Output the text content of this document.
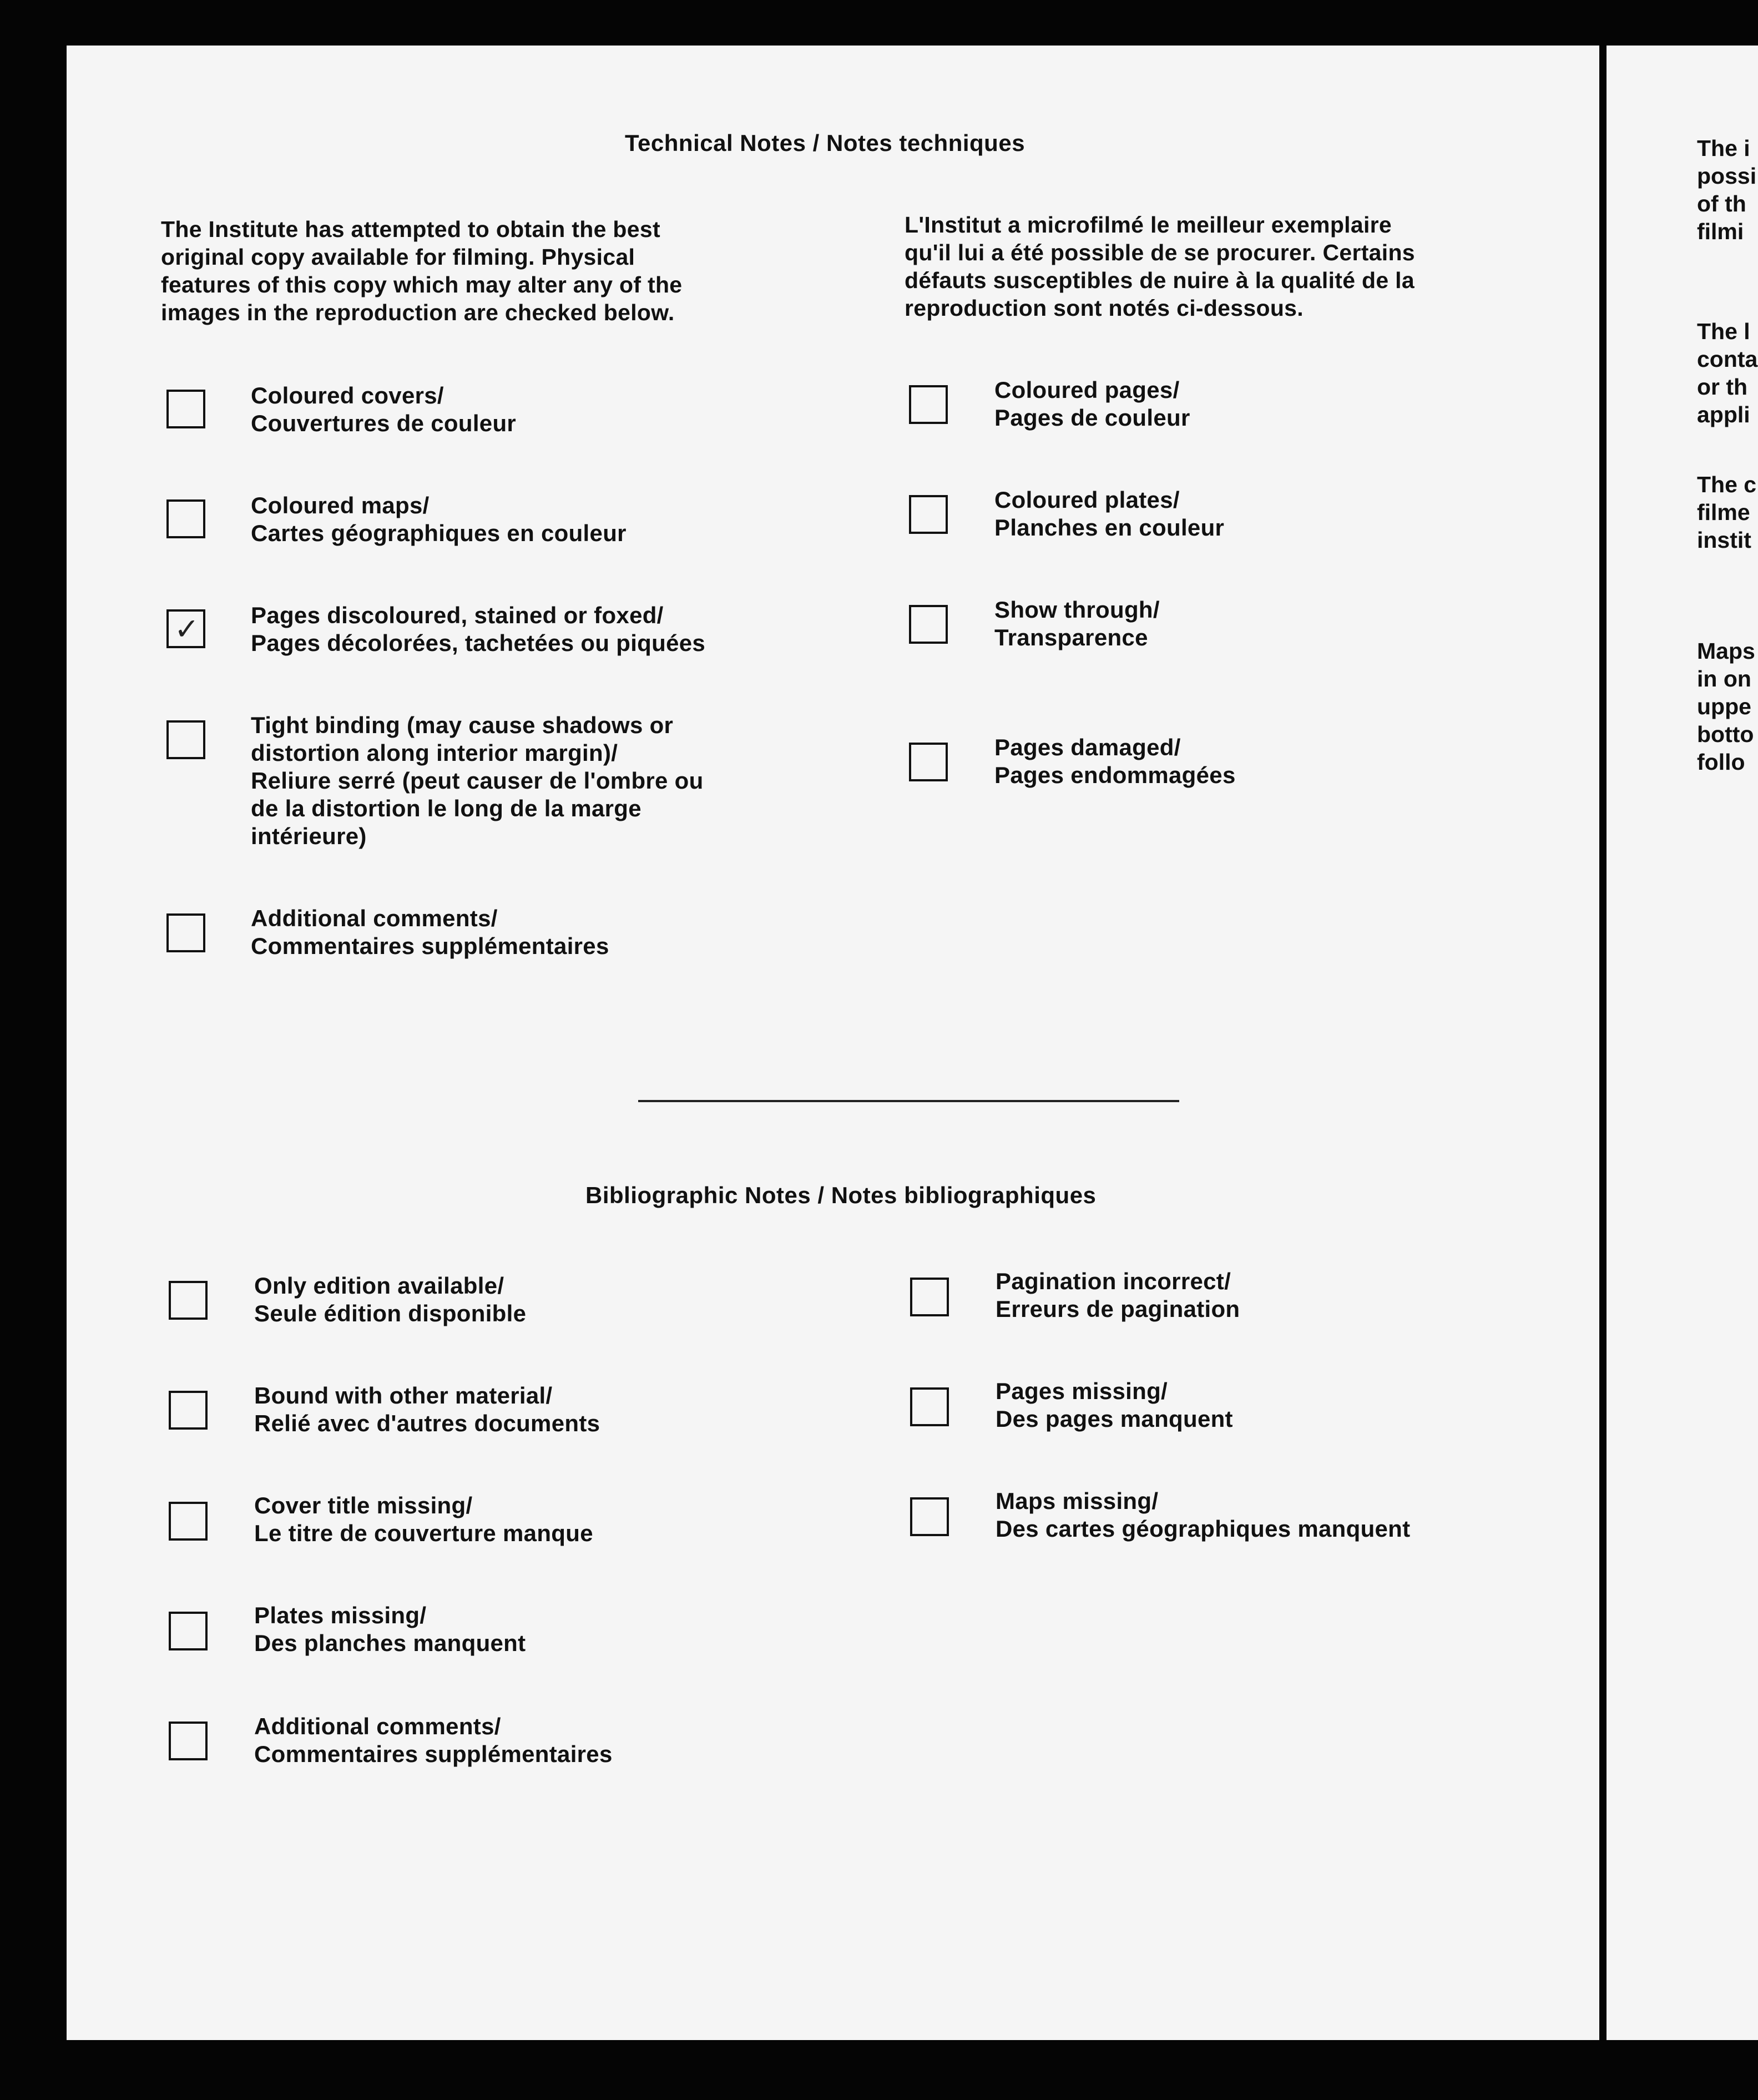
Technical Notes / Notes techniques
The Institute has attempted to obtain the best
original copy available for filming. Physical
features of this copy which may alter any of the
images in the reproduction are checked below.
L'Institut a microfilmé le meilleur exemplaire
qu'il lui a été possible de se procurer. Certains
défauts susceptibles de nuire à la qualité de la
reproduction sont notés ci-dessous.
Coloured covers/
Couvertures de couleur
Coloured maps/
Cartes géographiques en couleur
✓ Pages discoloured, stained or foxed/
Pages décolorées, tachetées ou piquées
Tight binding (may cause shadows or
distortion along interior margin)/
Reliure serré (peut causer de l'ombre ou
de la distortion le long de la marge
intérieure)
Additional comments/
Commentaires supplémentaires
Coloured pages/
Pages de couleur
Coloured plates/
Planches en couleur
Show through/
Transparence
Pages damaged/
Pages endommagées
Bibliographic Notes / Notes bibliographiques
Only edition available/
Seule édition disponible
Bound with other material/
Relié avec d'autres documents
Cover title missing/
Le titre de couverture manque
Plates missing/
Des planches manquent
Additional comments/
Commentaires supplémentaires
Pagination incorrect/
Erreurs de pagination
Pages missing/
Des pages manquent
Maps missing/
Des cartes géographiques manquent
The i
possi
of th
filmi
The l
conta
or th
appli
The c
filme
instit
Maps
in on
uppe
botto
follo
